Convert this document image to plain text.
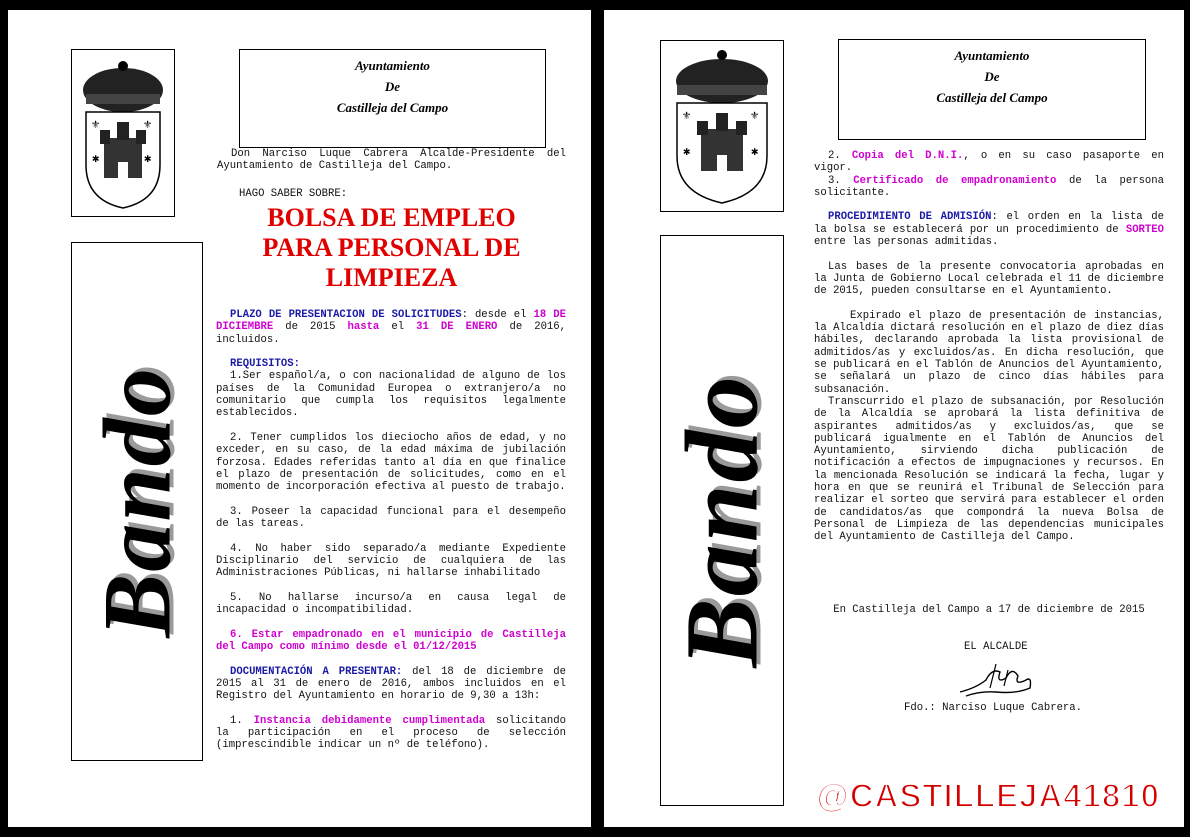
⚜	⚜
✱	✱
Bando
Ayuntamiento
De
Castilleja del Campo
Don Narciso Luque Cabrera Alcalde-Presidente del Ayuntamiento de Castilleja del Campo.
HAGO SABER SOBRE:
BOLSA DE EMPLEO
PARA PERSONAL DE
LIMPIEZA

PLAZO DE PRESENTACION DE SOLICITUDES: desde el 18 DE DICIEMBRE de 2015 hasta el 31 DE ENERO de 2016, incluidos.

REQUISITOS:

1.Ser español/a, o con nacionalidad de alguno de los países de la Comunidad Europea o extranjero/a no comunitario que cumpla los requisitos legalmente establecidos.

2. Tener cumplidos los dieciocho años de edad, y no exceder, en su caso, de la edad máxima de jubilación forzosa. Edades referidas tanto al día en que finalice el plazo de presentación de solicitudes, como en el momento de incorporación efectiva al puesto de trabajo.

3. Poseer la capacidad funcional para el desempeño de las tareas.

4. No haber sido separado/a mediante Expediente Disciplinario del servicio de cualquiera de las Administraciones Públicas, ni hallarse inhabilitado

5. No hallarse incurso/a en causa legal de incapacidad o incompatibilidad.

6. Estar empadronado en el municipio de Castilleja del Campo como mínimo desde el 01/12/2015

DOCUMENTACIÓN A PRESENTAR: del 18 de diciembre de 2015 al 31 de enero de 2016, ambos incluidos en el Registro del Ayuntamiento en horario de 9,30 a 13h:

1. Instancia debidamente cumplimentada solicitando la participación en el proceso de selección (imprescindible indicar un nº de teléfono).

⚜	⚜
✱	✱
Bando
Ayuntamiento
De
Castilleja del Campo
2. Copia del D.N.I., o en su caso pasaporte en vigor.

3. Certificado de empadronamiento de la persona solicitante.

PROCEDIMIENTO DE ADMISIÓN: el orden en la lista de la bolsa se establecerá por un procedimiento de SORTEO entre las personas admitidas.

Las bases de la presente convocatoria aprobadas en la Junta de Gobierno Local celebrada el 11 de diciembre de 2015, pueden consultarse en el Ayuntamiento.

Expirado el plazo de presentación de instancias, la Alcaldía dictará resolución en el plazo de diez días hábiles, declarando aprobada la lista provisional de admitidos/as y excluidos/as. En dicha resolución, que se publicará en el Tablón de Anuncios del Ayuntamiento, se señalará un plazo de cinco días hábiles para subsanación.

Transcurrido el plazo de subsanación, por Resolución de la Alcaldía se aprobará la lista definitiva de aspirantes admitidos/as y excluidos/as, que se publicará igualmente en el Tablón de Anuncios del Ayuntamiento, sirviendo dicha publicación de notificación a efectos de impugnaciones y recursos. En la mencionada Resolución se indicará la fecha, lugar y hora en que se reunirá el Tribunal de Selección para realizar el sorteo que servirá para establecer el orden de candidatos/as que compondrá la nueva Bolsa de Personal de Limpieza de las dependencias municipales del Ayuntamiento de Castilleja del Campo.

En Castilleja del Campo a 17 de diciembre de 2015
EL ALCALDE
Fdo.: Narciso Luque Cabrera.
@CASTILLEJA41810
